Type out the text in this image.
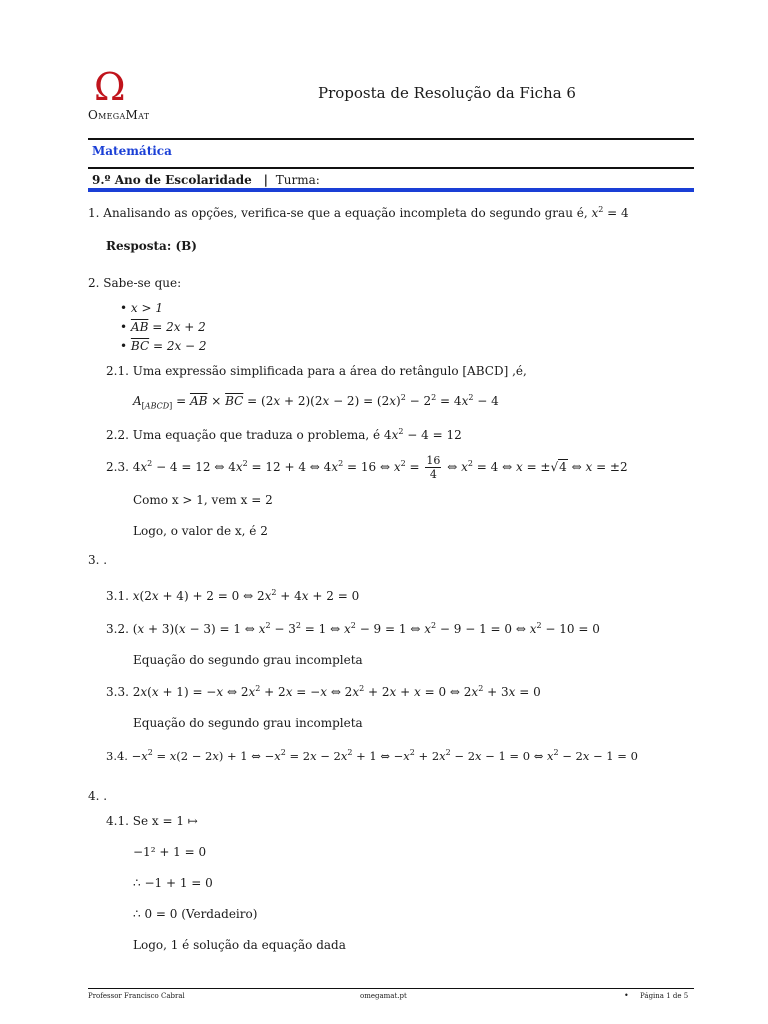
Ω
OmegaMat
Proposta de Resolução da Ficha 6
Matemática
9.º Ano de Escolaridade | Turma:
1. Analisando as opções, verifica-se que a equação incompleta do segundo grau é, $x^2 = 4$
Resposta: (B)
2. Sabe-se que:
• x > 1
• $\overline{AB} = 2x + 2$
• $\overline{BC} = 2x - 2$
2.1. Uma expressão simplificada para a área do retângulo [ABCD] ,é,
$A_{[ABCD]} = \overline{AB} \times \overline{BC} = (2x + 2)(2x - 2) = (2x)^2 - 2^2 = 4x^2 - 4$
2.2. Uma equação que traduza o problema, é $4x^2 - 4 = 12$
2.3. $4x^2 - 4 = 12$ ⇔ $4x^2 = 12 + 4$ ⇔ $4x^2 = 16$ ⇔ $x^2 = \frac{16}{4}$ ⇔ $x^2 = 4$ ⇔ x = ±√4 ⇔ x = ±2
Como x > 1, vem x = 2
Logo, o valor de x, é 2
3. .
3.1. x(2x + 4) + 2 = 0 ⇔ $2x^2 + 4x + 2 = 0$
3.2. (x + 3)(x − 3) = 1 ⇔ $x^2 - 3^2 = 1$ ⇔ $x^2 - 9 = 1$ ⇔ $x^2 - 9 - 1 = 0$ ⇔ $x^2 - 10 = 0$
Equação do segundo grau incompleta
3.3. 2x(x + 1) = −x ⇔ $2x^2 + 2x = -x$ ⇔ $2x^2 + 2x + x = 0$ ⇔ $2x^2 + 3x = 0$
Equação do segundo grau incompleta
3.4. $-x^2 = x(2 - 2x) + 1$ ⇔ $-x^2 = 2x - 2x^2 + 1$ ⇔ $-x^2 + 2x^2 - 2x - 1 = 0$ ⇔ $x^2 - 2x - 1 = 0$
4. .
4.1. Se x = 1 ↦
−1² + 1 = 0
∴ −1 + 1 = 0
∴ 0 = 0 (Verdadeiro)
Logo, 1 é solução da equação dada
Professor Francisco Cabral	omegamat.pt	• Página 1 de 5
